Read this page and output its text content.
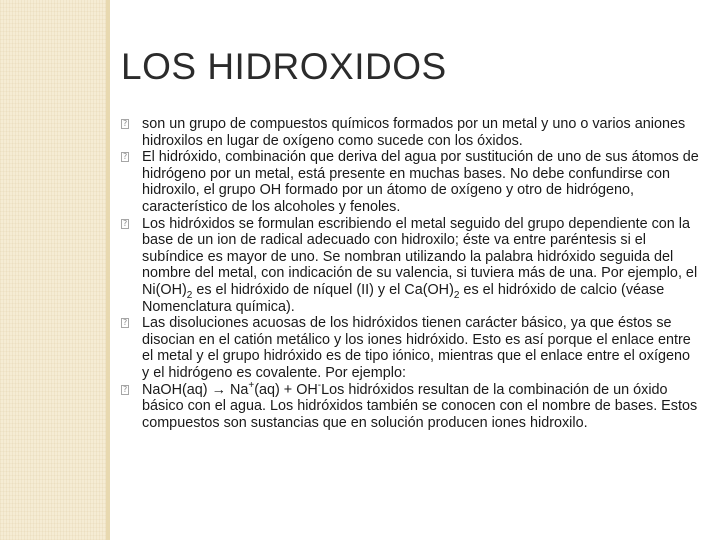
LOS HIDROXIDOS
?
son un grupo de compuestos químicos formados por un metal y uno o varios aniones hidroxilos en lugar de oxígeno como sucede con los óxidos.
?
El hidróxido, combinación que deriva del agua por sustitución de uno de sus átomos de hidrógeno por un metal, está presente en muchas bases. No debe confundirse con hidroxilo, el grupo OH formado por un átomo de oxígeno y otro de hidrógeno, característico de los alcoholes y fenoles.
?
Los hidróxidos se formulan escribiendo el metal seguido del grupo dependiente con la base de un ion de radical adecuado con hidroxilo; éste va entre paréntesis si el subíndice es mayor de uno. Se nombran utilizando la palabra hidróxido seguida del nombre del metal, con indicación de su valencia, si tuviera más de una. Por ejemplo, el $Ni(OH)_2$ es el hidróxido de níquel (II) y el $Ca(OH)_2$ es el hidróxido de calcio (véase Nomenclatura química).
?
Las disoluciones acuosas de los hidróxidos tienen carácter básico, ya que éstos se disocian en el catión metálico y los iones hidróxido. Esto es así porque el enlace entre el metal y el grupo hidróxido es de tipo iónico, mientras que el enlace entre el oxígeno y el hidrógeno es covalente. Por ejemplo:
?
NaOH(aq) → Na+(aq) + OH-Los hidróxidos resultan de la combinación de un óxido básico con el agua. Los hidróxidos también se conocen con el nombre de bases. Estos compuestos son sustancias que en solución producen iones hidroxilo.
